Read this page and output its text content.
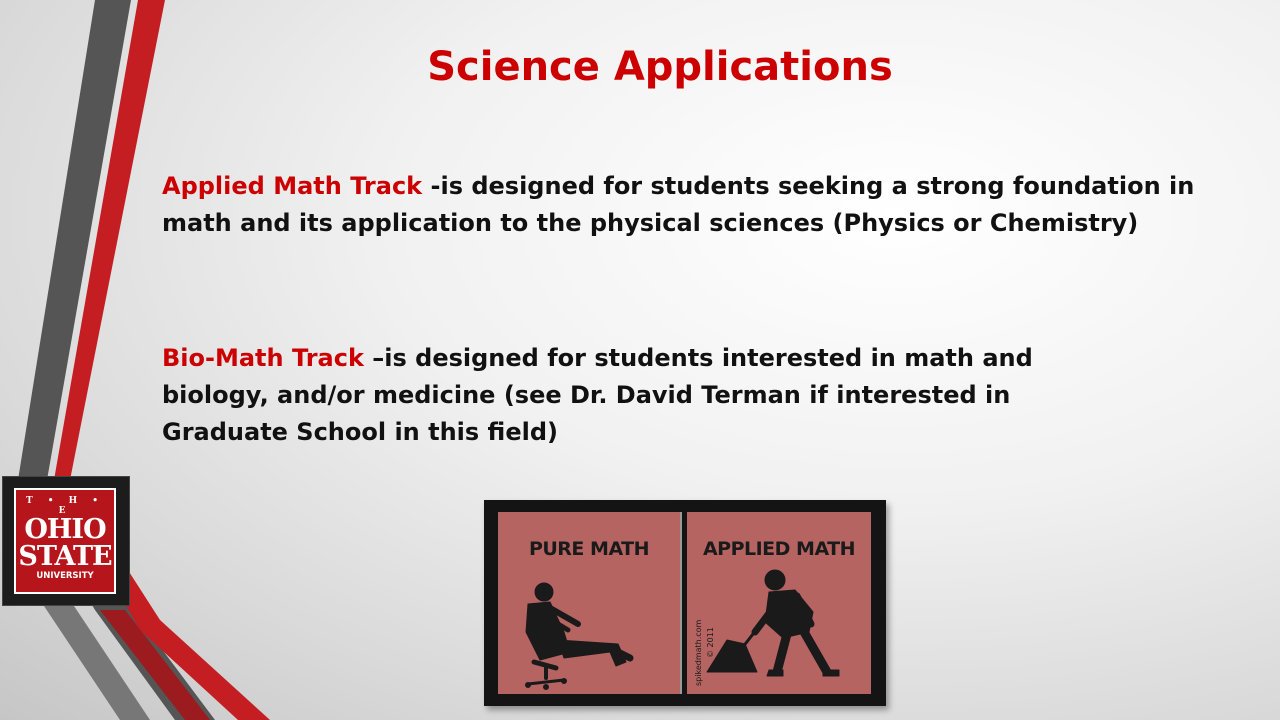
Science Applications

Applied Math Track -is designed for students seeking a strong foundation in math and its application to the physical sciences (Physics or Chemistry)

Bio-Math Track –is designed for students interested in math and biology, and/or medicine (see Dr. David Terman if interested in Graduate School in this field)

T • H • E
OHIO
STATE
UNIVERSITY
PURE MATH	APPLIED MATH
spikedmath.com © 2011
